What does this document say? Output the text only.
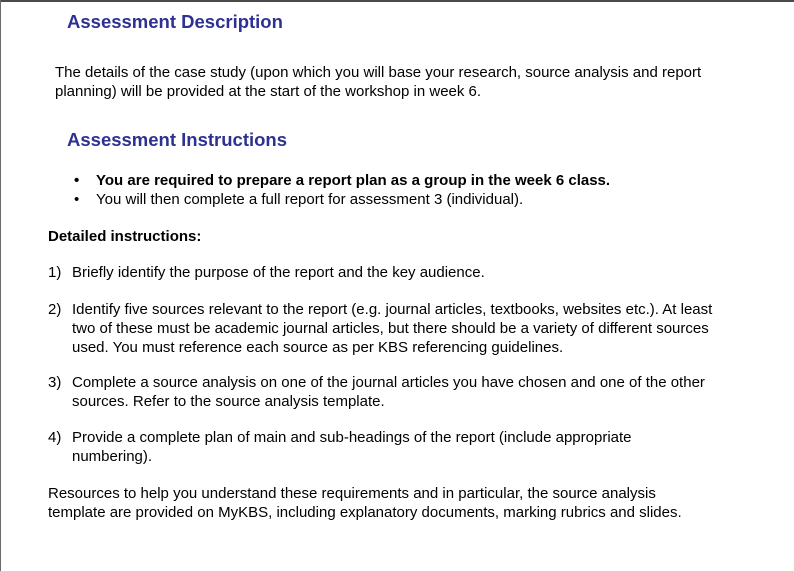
Assessment Description
The details of the case study (upon which you will base your research, source analysis and report
planning) will be provided at the start of the workshop in week 6.
Assessment Instructions
•	You are required to prepare a report plan as a group in the week 6 class.
•	You will then complete a full report for assessment 3 (individual).
Detailed instructions:
1) Briefly identify the purpose of the report and the key audience.
2) Identify five sources relevant to the report (e.g. journal articles, textbooks, websites etc.). At least
two of these must be academic journal articles, but there should be a variety of different sources
used. You must reference each source as per KBS referencing guidelines.
3) Complete a source analysis on one of the journal articles you have chosen and one of the other
sources. Refer to the source analysis template.
4) Provide a complete plan of main and sub-headings of the report (include appropriate
numbering).
Resources to help you understand these requirements and in particular, the source analysis
template are provided on MyKBS, including explanatory documents, marking rubrics and slides.
